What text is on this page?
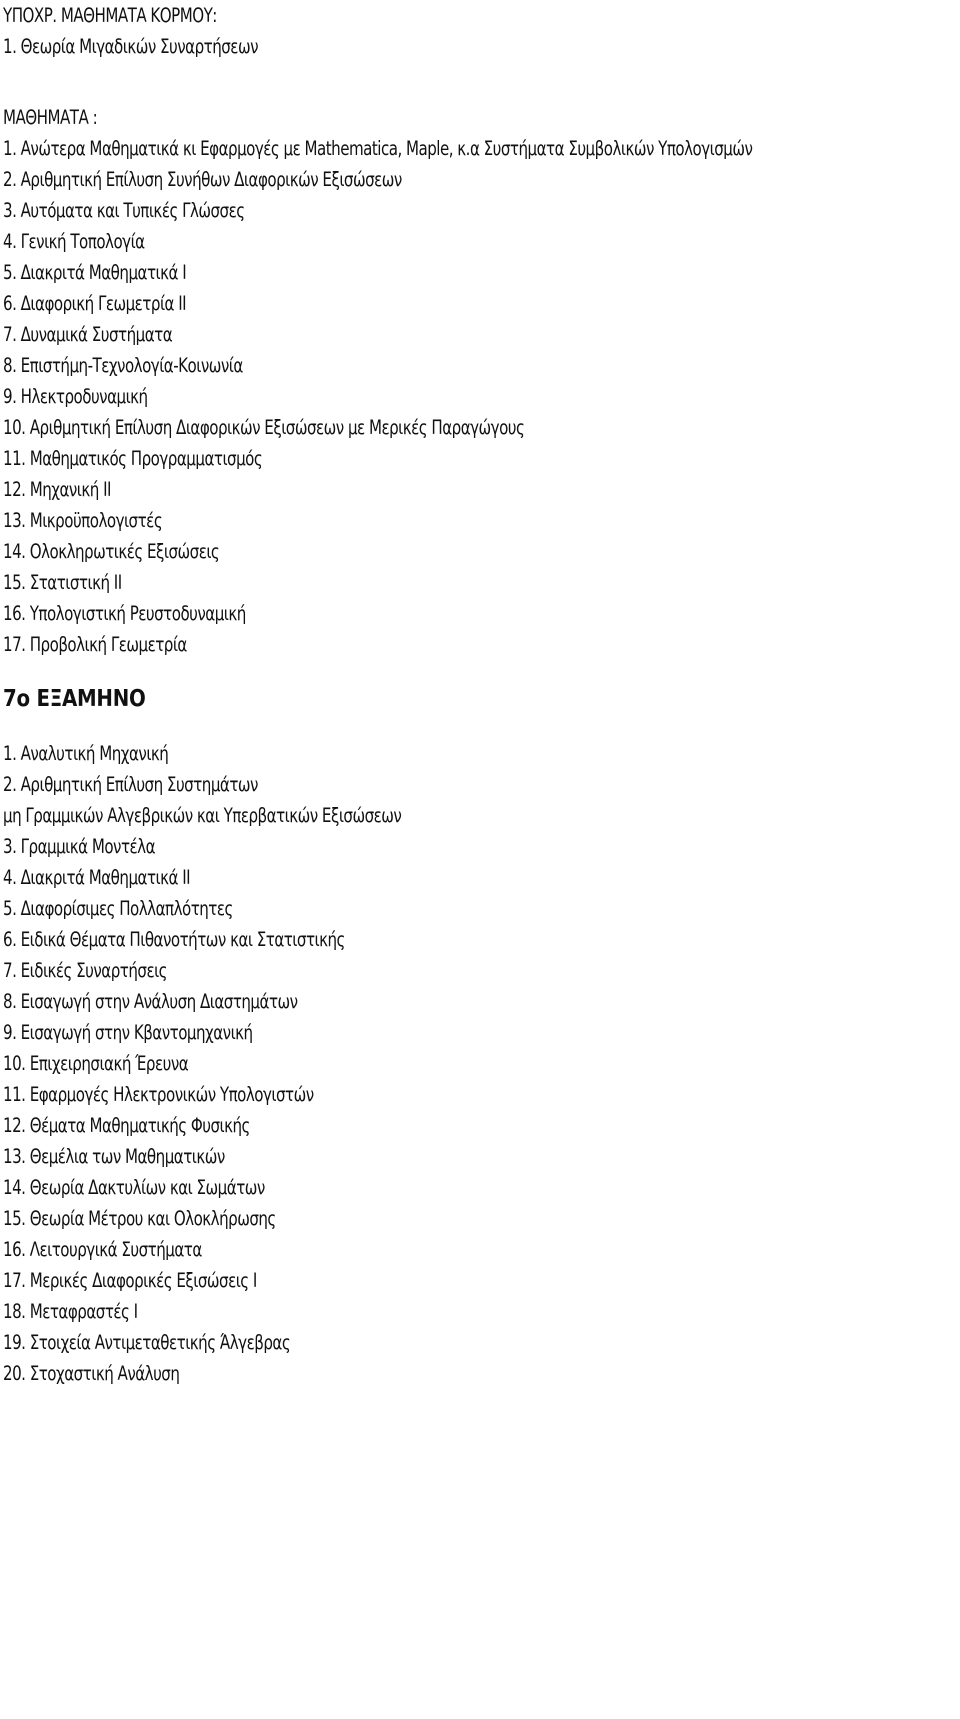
ΥΠΟΧΡ. ΜΑΘΗΜΑΤΑ ΚΟΡΜΟΥ:
1. Θεωρία Μιγαδικών Συναρτήσεων
ΜΑΘΗΜΑΤΑ :
1. Ανώτερα Μαθηματικά κι Εφαρμογές με Mathematica, Maple, κ.α Συστήματα Συμβολικών Υπολογισμών
2. Αριθμητική Επίλυση Συνήθων Διαφορικών Εξισώσεων
3. Αυτόματα και Τυπικές Γλώσσες
4. Γενική Τοπολογία
5. Διακριτά Μαθηματικά Ι
6. Διαφορική Γεωμετρία ΙΙ
7. Δυναμικά Συστήματα
8. Επιστήμη-Τεχνολογία-Κοινωνία
9. Ηλεκτροδυναμική
10. Αριθμητική Επίλυση Διαφορικών Εξισώσεων με Μερικές Παραγώγους
11. Μαθηματικός Προγραμματισμός
12. Μηχανική ΙΙ
13. Μικροϋπολογιστές
14. Ολοκληρωτικές Εξισώσεις
15. Στατιστική ΙΙ
16. Υπολογιστική Ρευστοδυναμική
17. Προβολική Γεωμετρία
7ο ΕΞΑΜΗΝΟ
1. Αναλυτική Μηχανική
2. Αριθμητική Επίλυση Συστημάτων
μη Γραμμικών Αλγεβρικών και Υπερβατικών Εξισώσεων
3. Γραμμικά Μοντέλα
4. Διακριτά Μαθηματικά ΙΙ
5. Διαφορίσιμες Πολλαπλότητες
6. Ειδικά Θέματα Πιθανοτήτων και Στατιστικής
7. Ειδικές Συναρτήσεις
8. Εισαγωγή στην Ανάλυση Διαστημάτων
9. Εισαγωγή στην Κβαντομηχανική
10. Επιχειρησιακή Έρευνα
11. Εφαρμογές Ηλεκτρονικών Υπολογιστών
12. Θέματα Μαθηματικής Φυσικής
13. Θεμέλια των Μαθηματικών
14. Θεωρία Δακτυλίων και Σωμάτων
15. Θεωρία Μέτρου και Ολοκλήρωσης
16. Λειτουργικά Συστήματα
17. Μερικές Διαφορικές Εξισώσεις Ι
18. Μεταφραστές Ι
19. Στοιχεία Αντιμεταθετικής Άλγεβρας
20. Στοχαστική Ανάλυση
